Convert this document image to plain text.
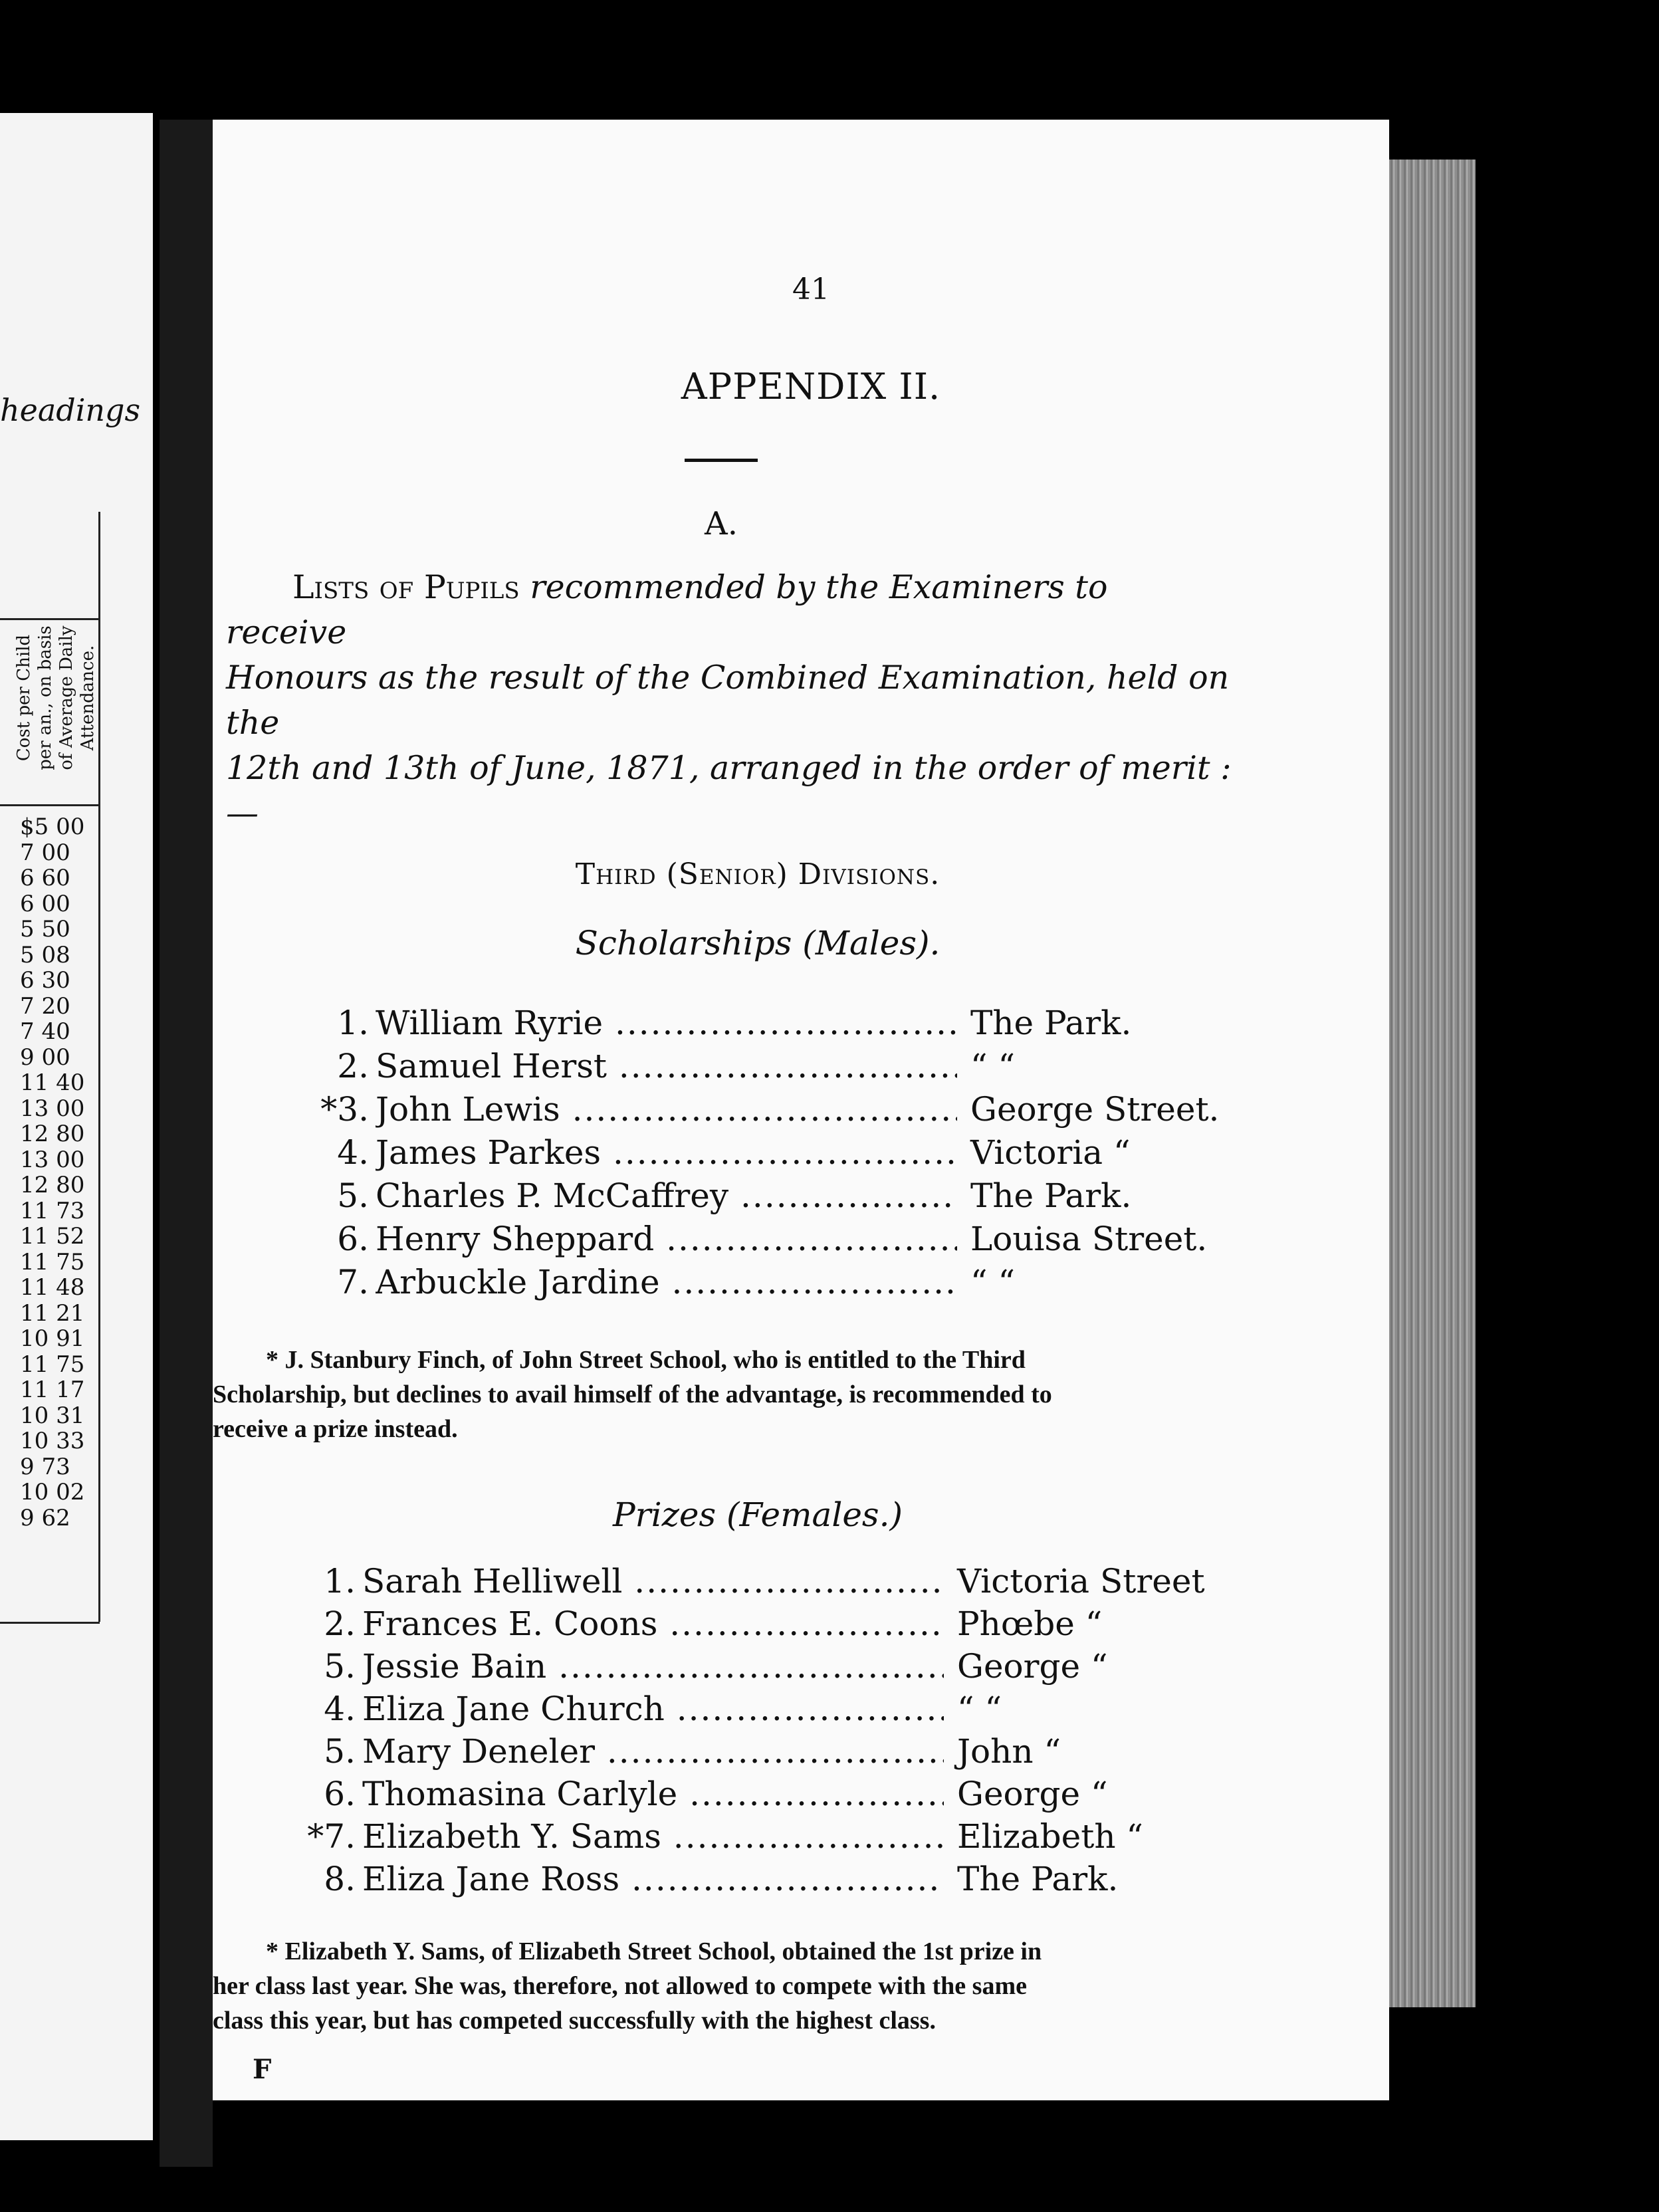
headings
Cost per Child per an., on basis of Average Daily Attendance.
$5 00
7 00
6 60
6 00
5 50
5 08
6 30
7 20
7 40
9 00
11 40
13 00
12 80
13 00
12 80
11 73
11 52
11 75
11 48
11 21
10 91
11 75
11 17
10 31
10 33
9 73
10 02
9 62
41
APPENDIX II.
A.
Lists of Pupils recommended by the Examiners to receive
Honours as the result of the Combined Examination, held on the
12th and 13th of June, 1871, arranged in the order of merit :—
Third (Senior) Divisions.
Scholarships (Males).
1. William Ryrie .....	The Park.
2. Samuel Herst .....	“ “
*3. John Lewis .....	George Street.
4. James Parkes .....	Victoria “
5. Charles P. McCaffrey .....	The Park.
6. Henry Sheppard .....	Louisa Street.
7. Arbuckle Jardine .....	“ “

* J. Stanbury Finch, of John Street School, who is entitled to the Third

Scholarship, but declines to avail himself of the advantage, is recommended to

receive a prize instead.

Prizes (Females.)
1. Sarah Helliwell .....	Victoria Street
2. Frances E. Coons .....	Phœbe “
5. Jessie Bain .....	George “
4. Eliza Jane Church .....	“ “
5. Mary Deneler .....	John “
6. Thomasina Carlyle .....	George “
*7. Elizabeth Y. Sams .....	Elizabeth “
8. Eliza Jane Ross .....	The Park.

* Elizabeth Y. Sams, of Elizabeth Street School, obtained the 1st prize in

her class last year. She was, therefore, not allowed to compete with the same

class this year, but has competed successfully with the highest class.

F
